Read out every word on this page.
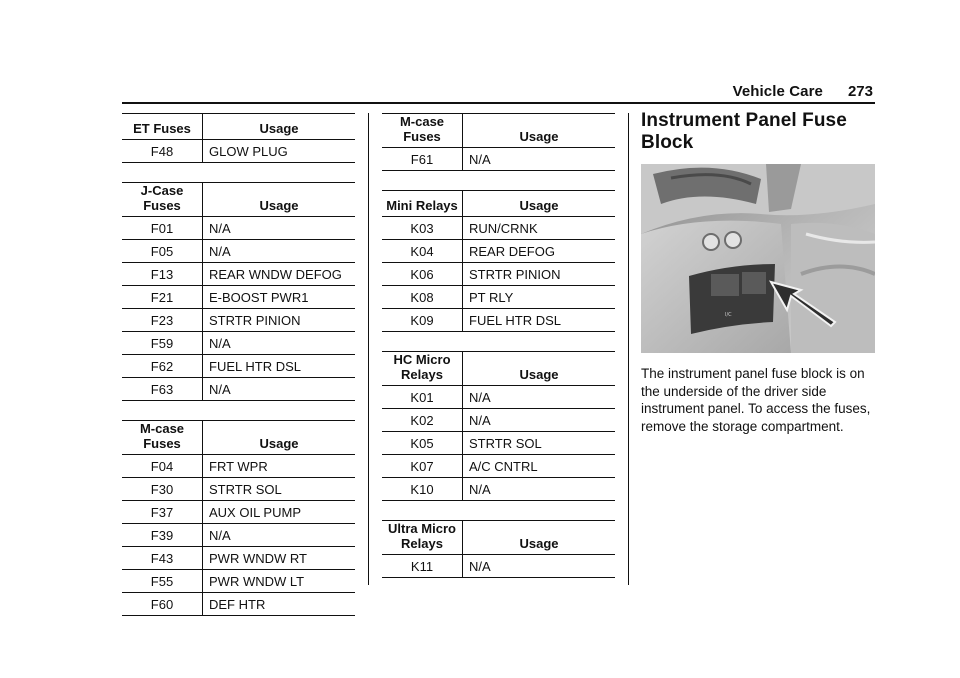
Vehicle Care 273
ET Fuses	Usage
F48	GLOW PLUG
J-Case Fuses	Usage
F01	N/A
F05	N/A
F13	REAR WNDW DEFOG
F21	E-BOOST PWR1
F23	STRTR PINION
F59	N/A
F62	FUEL HTR DSL
F63	N/A
M-case Fuses	Usage
F04	FRT WPR
F30	STRTR SOL
F37	AUX OIL PUMP
F39	N/A
F43	PWR WNDW RT
F55	PWR WNDW LT
F60	DEF HTR
M-case Fuses	Usage
F61	N/A
Mini Relays	Usage
K03	RUN/CRNK
K04	REAR DEFOG
K06	STRTR PINION
K08	PT RLY
K09	FUEL HTR DSL
HC Micro Relays	Usage
K01	N/A
K02	N/A
K05	STRTR SOL
K07	A/C CNTRL
K10	N/A
Ultra Micro Relays	Usage
K11	N/A
Instrument Panel Fuse Block
I/C

The instrument panel fuse block is on the underside of the driver side instrument panel. To access the fuses, remove the storage compartment.
